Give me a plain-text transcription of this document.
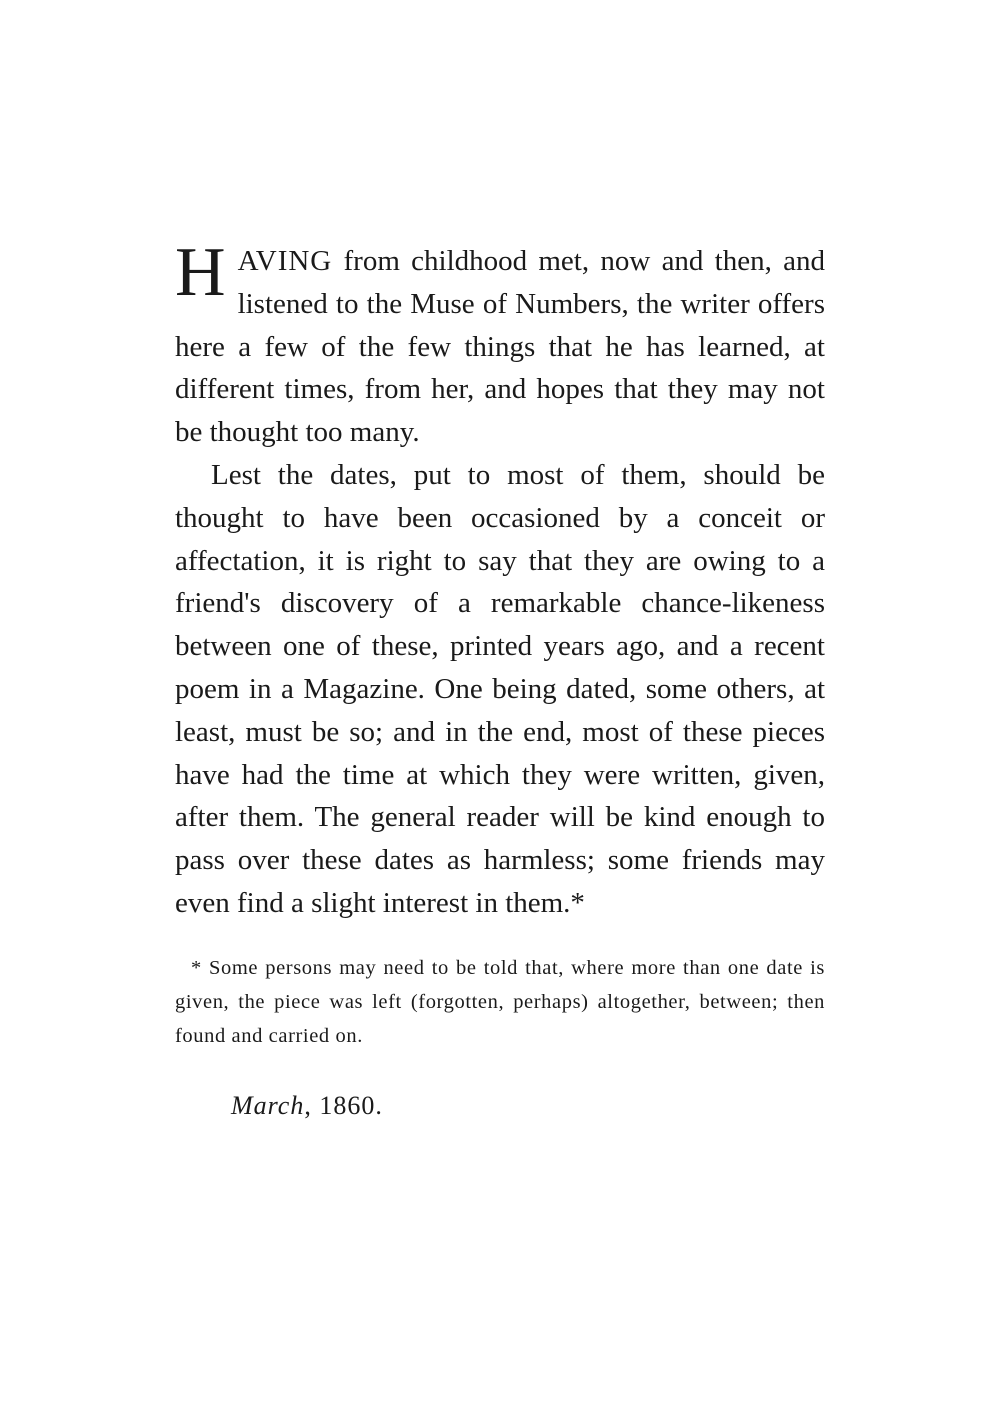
HAVING from childhood met, now and then, and listened to the Muse of Numbers, the writer offers here a few of the few things that he has learned, at different times, from her, and hopes that they may not be thought too many.

Lest the dates, put to most of them, should be thought to have been occasioned by a conceit or affectation, it is right to say that they are owing to a friend's discovery of a remarkable chance-likeness between one of these, printed years ago, and a recent poem in a Magazine. One being dated, some others, at least, must be so; and in the end, most of these pieces have had the time at which they were written, given, after them. The general reader will be kind enough to pass over these dates as harmless; some friends may even find a slight interest in them.*

* Some persons may need to be told that, where more than one date is given, the piece was left (forgotten, perhaps) altogether, between; then found and carried on.

March, 1860.
